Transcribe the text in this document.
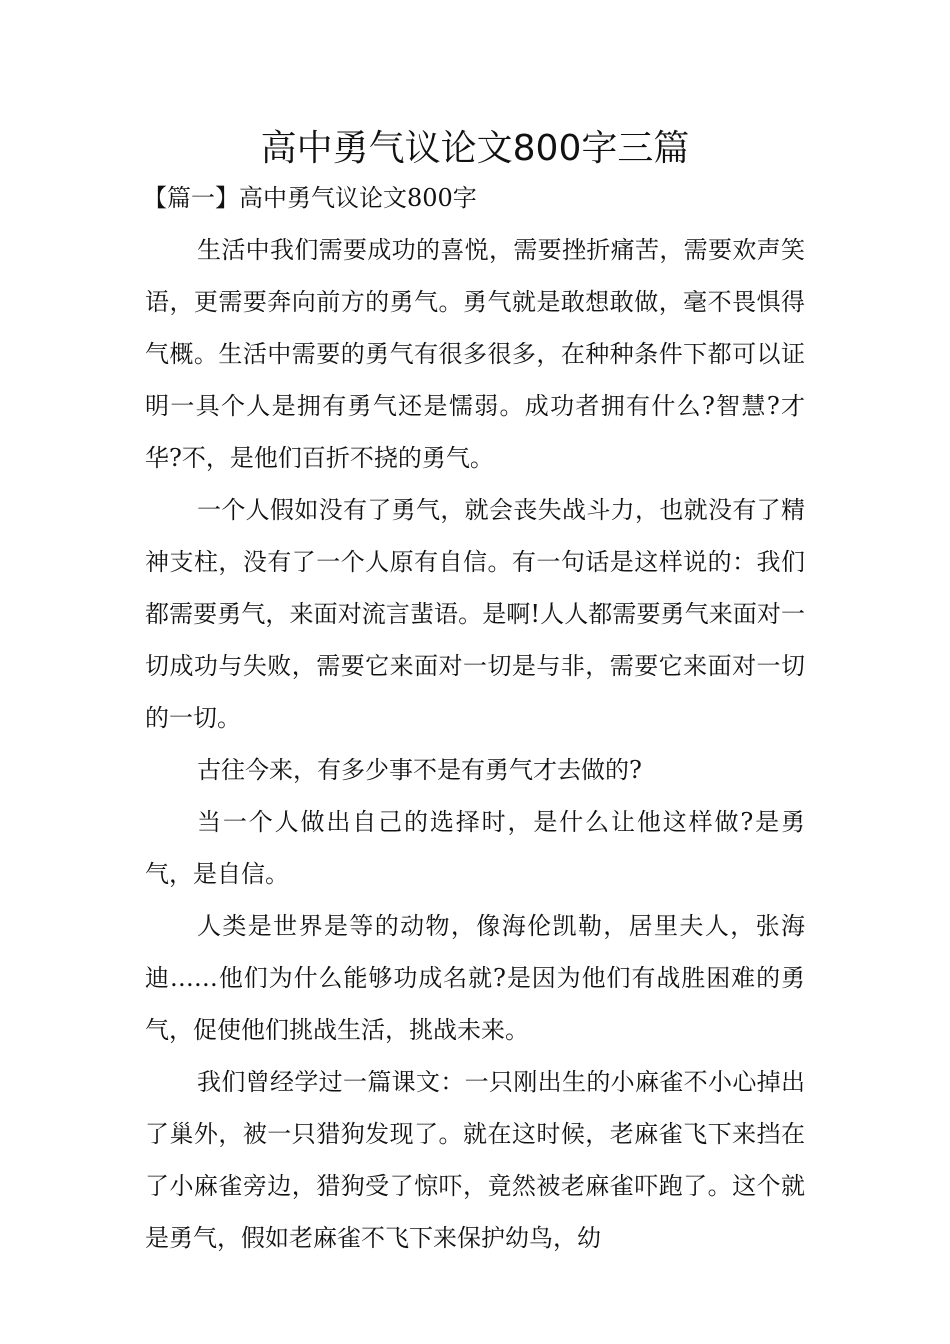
高中勇气议论文800字三篇
【篇一】高中勇气议论文800字

生活中我们需要成功的喜悦，需要挫折痛苦，需要欢声笑语，更需要奔向前方的勇气。勇气就是敢想敢做，毫不畏惧得气概。生活中需要的勇气有很多很多，在种种条件下都可以证明一具个人是拥有勇气还是懦弱。成功者拥有什么?智慧?才华?不，是他们百折不挠的勇气。

一个人假如没有了勇气，就会丧失战斗力，也就没有了精神支柱，没有了一个人原有自信。有一句话是这样说的：我们都需要勇气，来面对流言蜚语。是啊!人人都需要勇气来面对一切成功与失败，需要它来面对一切是与非，需要它来面对一切的一切。

古往今来，有多少事不是有勇气才去做的?

当一个人做出自己的选择时，是什么让他这样做?是勇气，是自信。

人类是世界是等的动物，像海伦凯勒，居里夫人，张海迪……他们为什么能够功成名就?是因为他们有战胜困难的勇气，促使他们挑战生活，挑战未来。

我们曾经学过一篇课文：一只刚出生的小麻雀不小心掉出了巢外，被一只猎狗发现了。就在这时候，老麻雀飞下来挡在了小麻雀旁边，猎狗受了惊吓，竟然被老麻雀吓跑了。这个就是勇气，假如老麻雀不飞下来保护幼鸟，幼
